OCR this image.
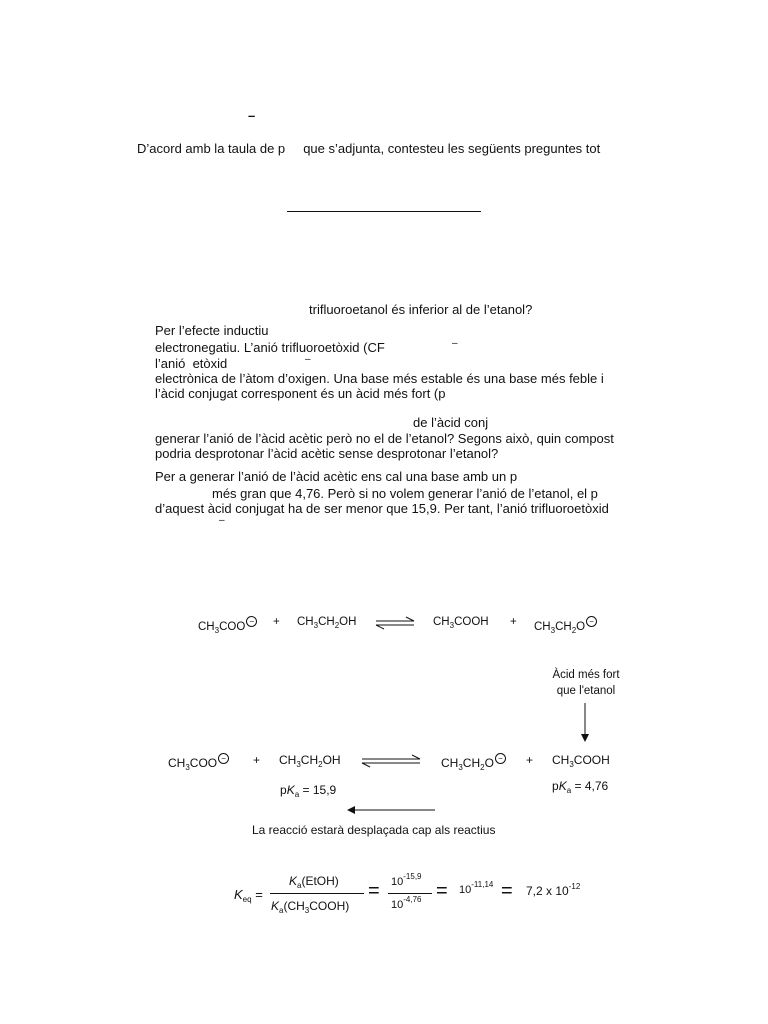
–
D’acord amb la taula de p     que s’adjunta, contesteu les següents preguntes tot
trifluoroetanol és inferior al de l’etanol?
Per l’efecte inductiu
electronegatiu. L’anió trifluoroetòxid (CF	–
l’anió  etòxid	–
electrònica de l’àtom d’oxigen. Una base més estable és una base més feble i
l’àcid conjugat corresponent és un àcid més fort (p
de l’àcid conj
generar l’anió de l’àcid acètic però no el de l’etanol? Segons això, quin compost
podria desprotonar l’àcid acètic sense desprotonar l’etanol?
Per a generar l’anió de l’àcid acètic ens cal una base amb un p
més gran que 4,76. Però si no volem generar l’anió de l’etanol, el p
d’aquest àcid conjugat ha de ser menor que 15,9. Per tant, l’anió trifluoroetòxid
–
$CH_3COO$ − + $CH_3CH_2OH$ ⇌ $CH_3COOH + CH_3CH_2O$ −
Àcid més fort
que l'etanol
$CH_3COO$ − + $CH_3CH_2OH$ ⇌ $CH_3CH_2O$ − + $CH_3COOH$
$pK_a = 15,9$	$pK_a = 4,76$
La reacció estarà desplaçada cap als reactius
$K_{eq}$ =
$K_a(EtOH)$
$K_a(CH_3COOH)$
= $10^{-15,9}$
$10^{-4,76} = 10^{-11,14} = 7,2$ x $10^{-12}$
